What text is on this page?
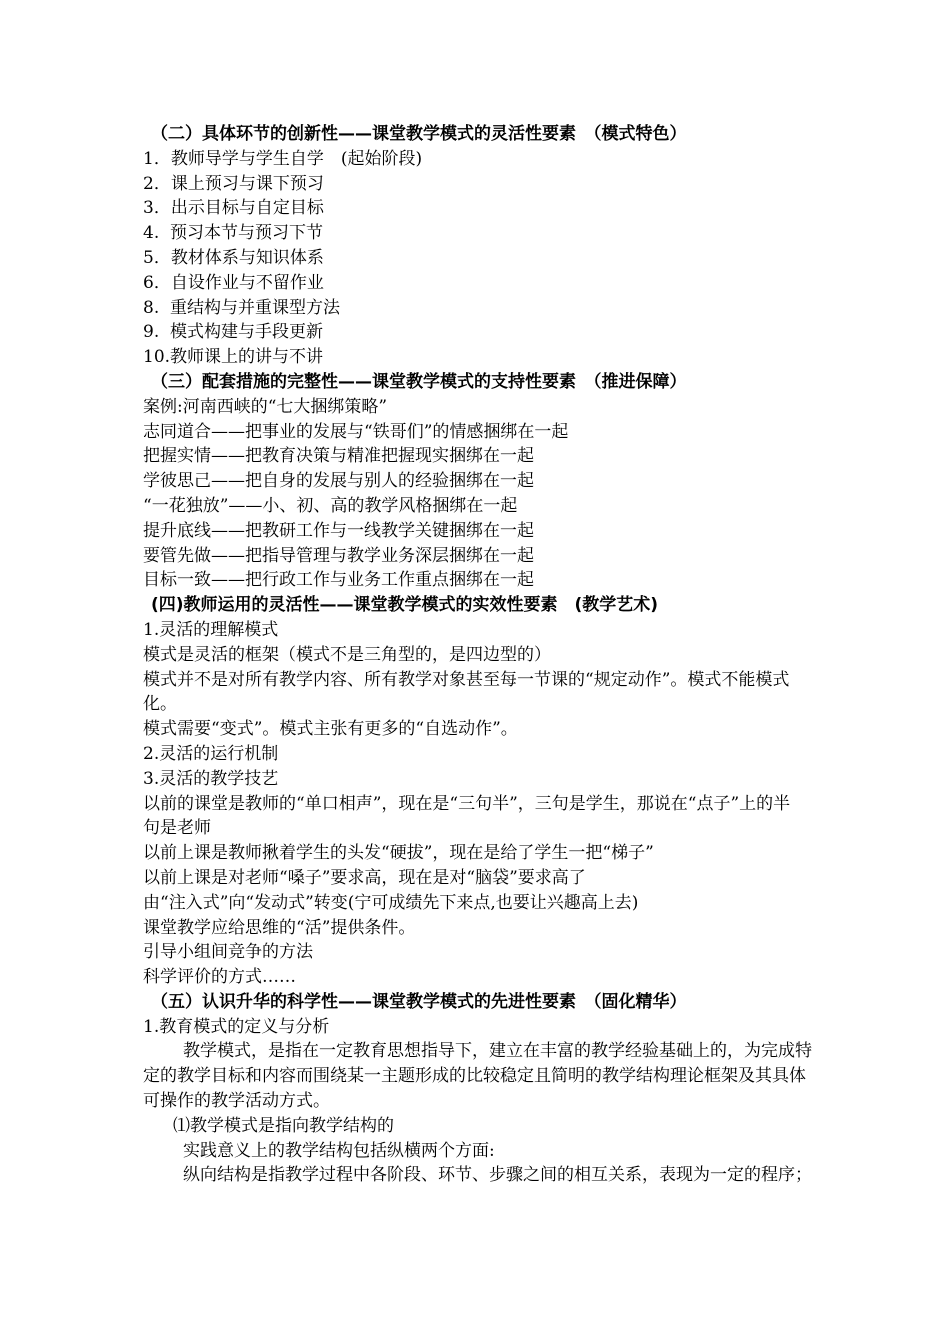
（二）具体环节的创新性——课堂教学模式的灵活性要素　（模式特色）
1．教师导学与学生自学　(起始阶段)
2．课上预习与课下预习
3．出示目标与自定目标
4.  预习本节与预习下节
5．教材体系与知识体系
6．自设作业与不留作业
8.  重结构与并重课型方法
9.  模式构建与手段更新
10.教师课上的讲与不讲
（三）配套措施的完整性——课堂教学模式的支持性要素　（推进保障）
案例:河南西峡的“七大捆绑策略”
志同道合——把事业的发展与“铁哥们”的情感捆绑在一起
把握实情——把教育决策与精准把握现实捆绑在一起
学彼思己——把自身的发展与别人的经验捆绑在一起
“一花独放”——小、初、高的教学风格捆绑在一起
提升底线——把教研工作与一线教学关键捆绑在一起
要管先做——把指导管理与教学业务深层捆绑在一起
目标一致——把行政工作与业务工作重点捆绑在一起
(四)教师运用的灵活性——课堂教学模式的实效性要素　(教学艺术)
1.灵活的理解模式
模式是灵活的框架（模式不是三角型的，是四边型的）
模式并不是对所有教学内容、所有教学对象甚至每一节课的“规定动作”。模式不能模式化。
模式需要“变式”。模式主张有更多的“自选动作”。
2.灵活的运行机制
3.灵活的教学技艺
以前的课堂是教师的“单口相声”，现在是“三句半”，三句是学生，那说在“点子”上的半句是老师
以前上课是教师揪着学生的头发“硬拔”，现在是给了学生一把“梯子”
以前上课是对老师“嗓子”要求高，现在是对“脑袋”要求高了
由“注入式”向“发动式”转变(宁可成绩先下来点,也要让兴趣高上去)
课堂教学应给思维的“活”提供条件。
引导小组间竞争的方法
科学评价的方式……
（五）认识升华的科学性——课堂教学模式的先进性要素　（固化精华）
1.教育模式的定义与分析
教学模式，是指在一定教育思想指导下，建立在丰富的教学经验基础上的，为完成特定的教学目标和内容而围绕某一主题形成的比较稳定且简明的教学结构理论框架及其具体可操作的教学活动方式。
⑴教学模式是指向教学结构的
实践意义上的教学结构包括纵横两个方面:
纵向结构是指教学过程中各阶段、环节、步骤之间的相互关系，表现为一定的程序；
